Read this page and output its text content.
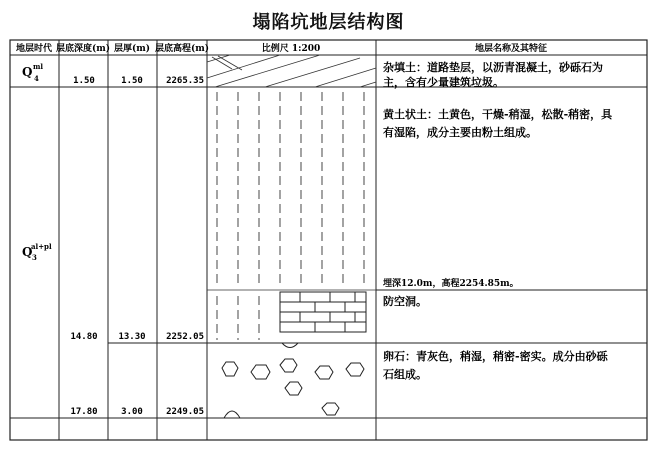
塌陷坑地层结构图
地层时代 层底深度(m) 层厚(m) 层底高程(m)	比例尺 1:200	地层名称及其特征
Q ml
4
Q
al+pl
3
1.50
14.80
17.80
1.50
13.30
3.00
2265.35
2252.05
2249.05
杂填土：道路垫层，以沥青混凝土，砂砾石为
主，含有少量建筑垃圾。
黄土状土：土黄色，干燥-稍湿，松散-稍密，具
有湿陷，成分主要由粉土组成。
埋深12.0m，高程2254.85m。
防空洞。
卵石：青灰色，稍湿，稍密-密实。成分由砂砾
石组成。
